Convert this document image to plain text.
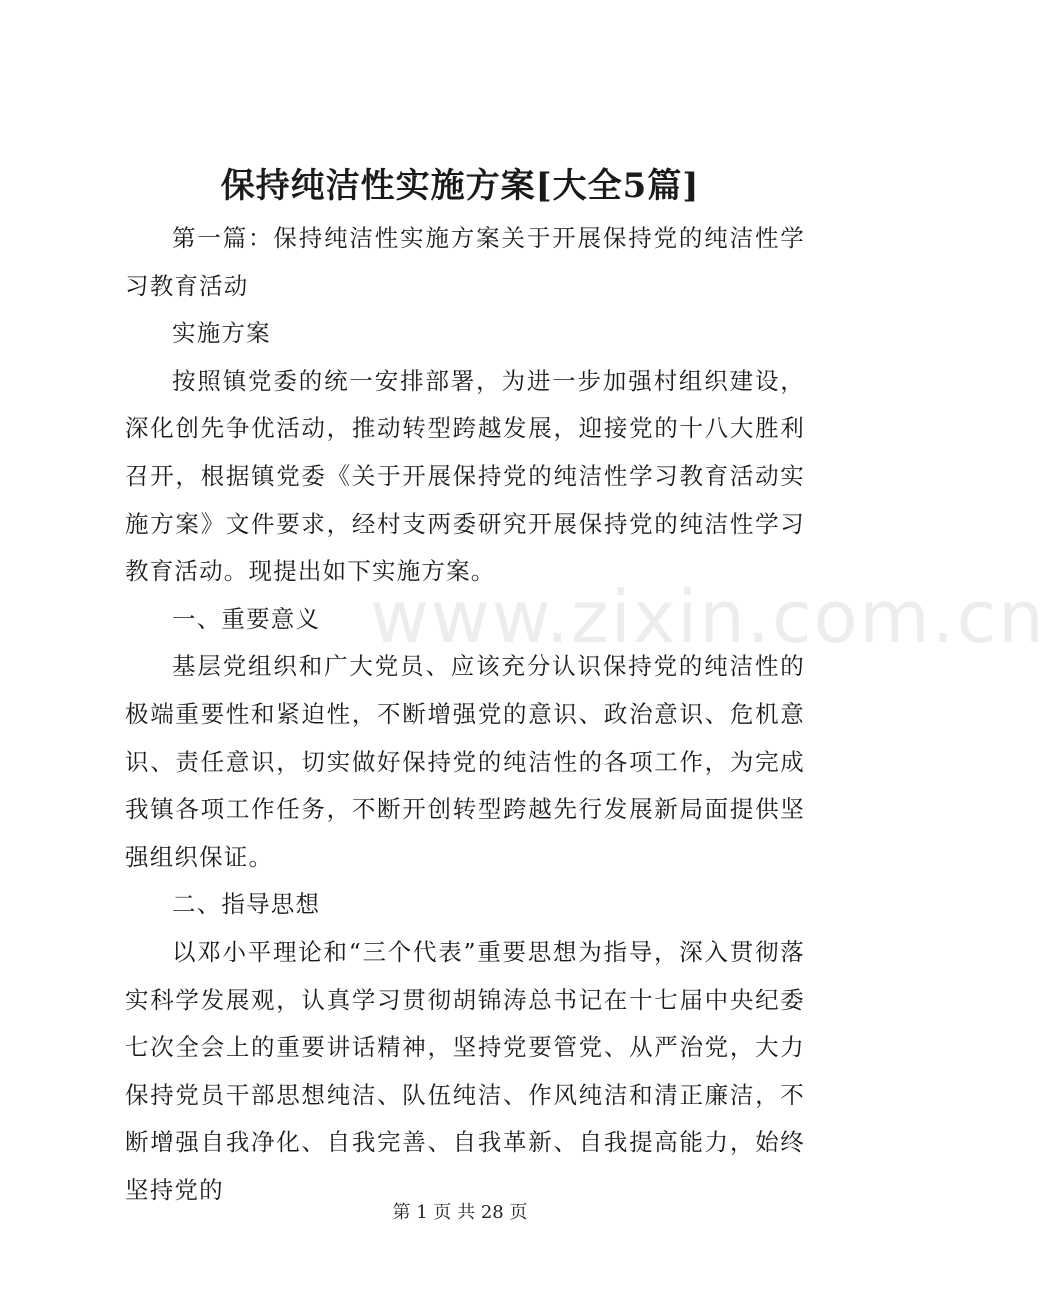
保持纯洁性实施方案[大全5篇]

第一篇：保持纯洁性实施方案关于开展保持党的纯洁性学习教育活动

实施方案

按照镇党委的统一安排部署，为进一步加强村组织建设，深化创先争优活动，推动转型跨越发展，迎接党的十八大胜利召开，根据镇党委《关于开展保持党的纯洁性学习教育活动实施方案》文件要求，经村支两委研究开展保持党的纯洁性学习教育活动。现提出如下实施方案。

一、重要意义

基层党组织和广大党员、应该充分认识保持党的纯洁性的极端重要性和紧迫性，不断增强党的意识、政治意识、危机意识、责任意识，切实做好保持党的纯洁性的各项工作，为完成我镇各项工作任务，不断开创转型跨越先行发展新局面提供坚强组织保证。

二、指导思想

以邓小平理论和“三个代表”重要思想为指导，深入贯彻落实科学发展观，认真学习贯彻胡锦涛总书记在十七届中央纪委七次全会上的重要讲话精神，坚持党要管党、从严治党，大力保持党员干部思想纯洁、队伍纯洁、作风纯洁和清正廉洁，不断增强自我净化、自我完善、自我革新、自我提高能力，始终坚持党的

www.zixin.com.cn
第 1 页 共 28 页
